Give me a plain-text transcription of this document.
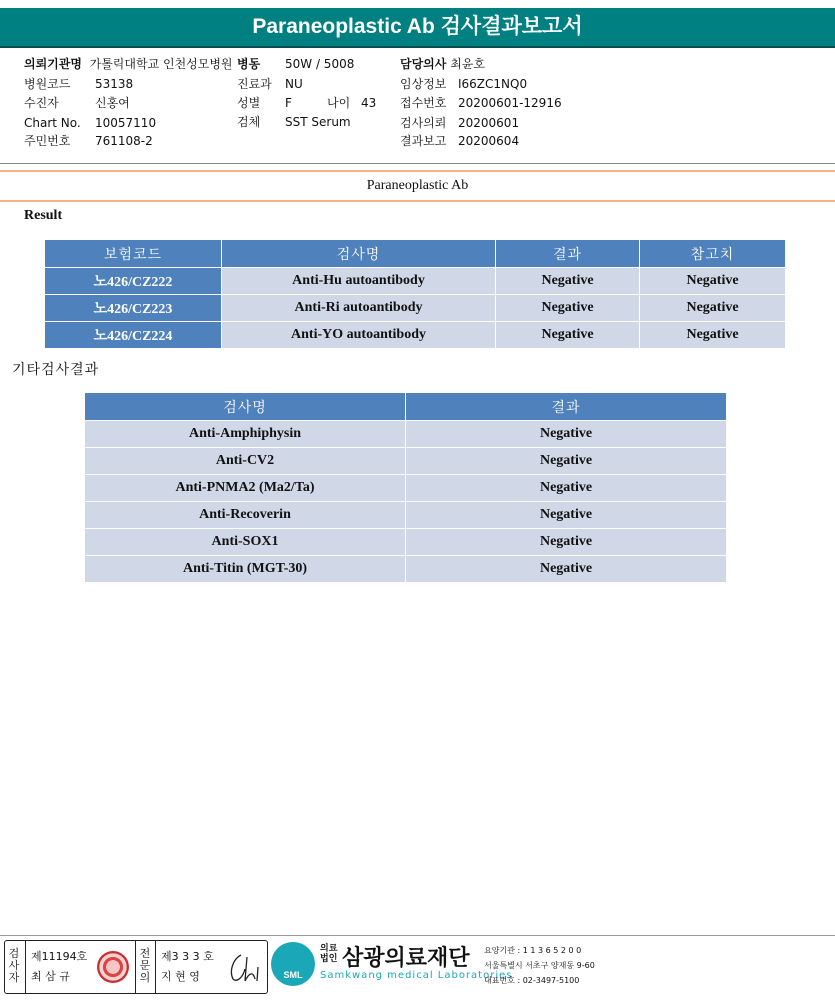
Paraneoplastic Ab 검사결과보고서
의뢰기관명 가톨릭대학교 인천성모병원 병동 50W / 5008	담당의사 최윤호
병원코드 53138	진료과 NU	임상정보 I66ZC1NQ0
수진자	신홍여	성별 F	나이 43 접수번호 20200601-12916
Chart No. 10057110	검체 SST Serum	검사의뢰 20200601
주민번호 761108-2	결과보고 20200604
Paraneoplastic Ab
Result
보험코드	검사명	결과	참고치
노426/CZ222	Anti-Hu autoantibody	Negative	Negative
노426/CZ223	Anti-Ri autoantibody	Negative	Negative
노426/CZ224	Anti-YO autoantibody	Negative	Negative
기타검사결과
검사명	결과
Anti-Amphiphysin	Negative
Anti-CV2	Negative
Anti-PNMA2 (Ma2/Ta)	Negative
Anti-Recoverin	Negative
Anti-SOX1	Negative
Anti-Titin (MGT-30)	Negative
검사자
제11194호
최 삼 규
전문의
제3 3 3 호
지 현 영	SML
의료법인 삼광의료재단
Samkwang medical Laboratories
요양기관 : 1 1 3 6 5 2 0 0
서울특별시 서초구 양재동 9-60
대표번호 : 02-3497-5100
